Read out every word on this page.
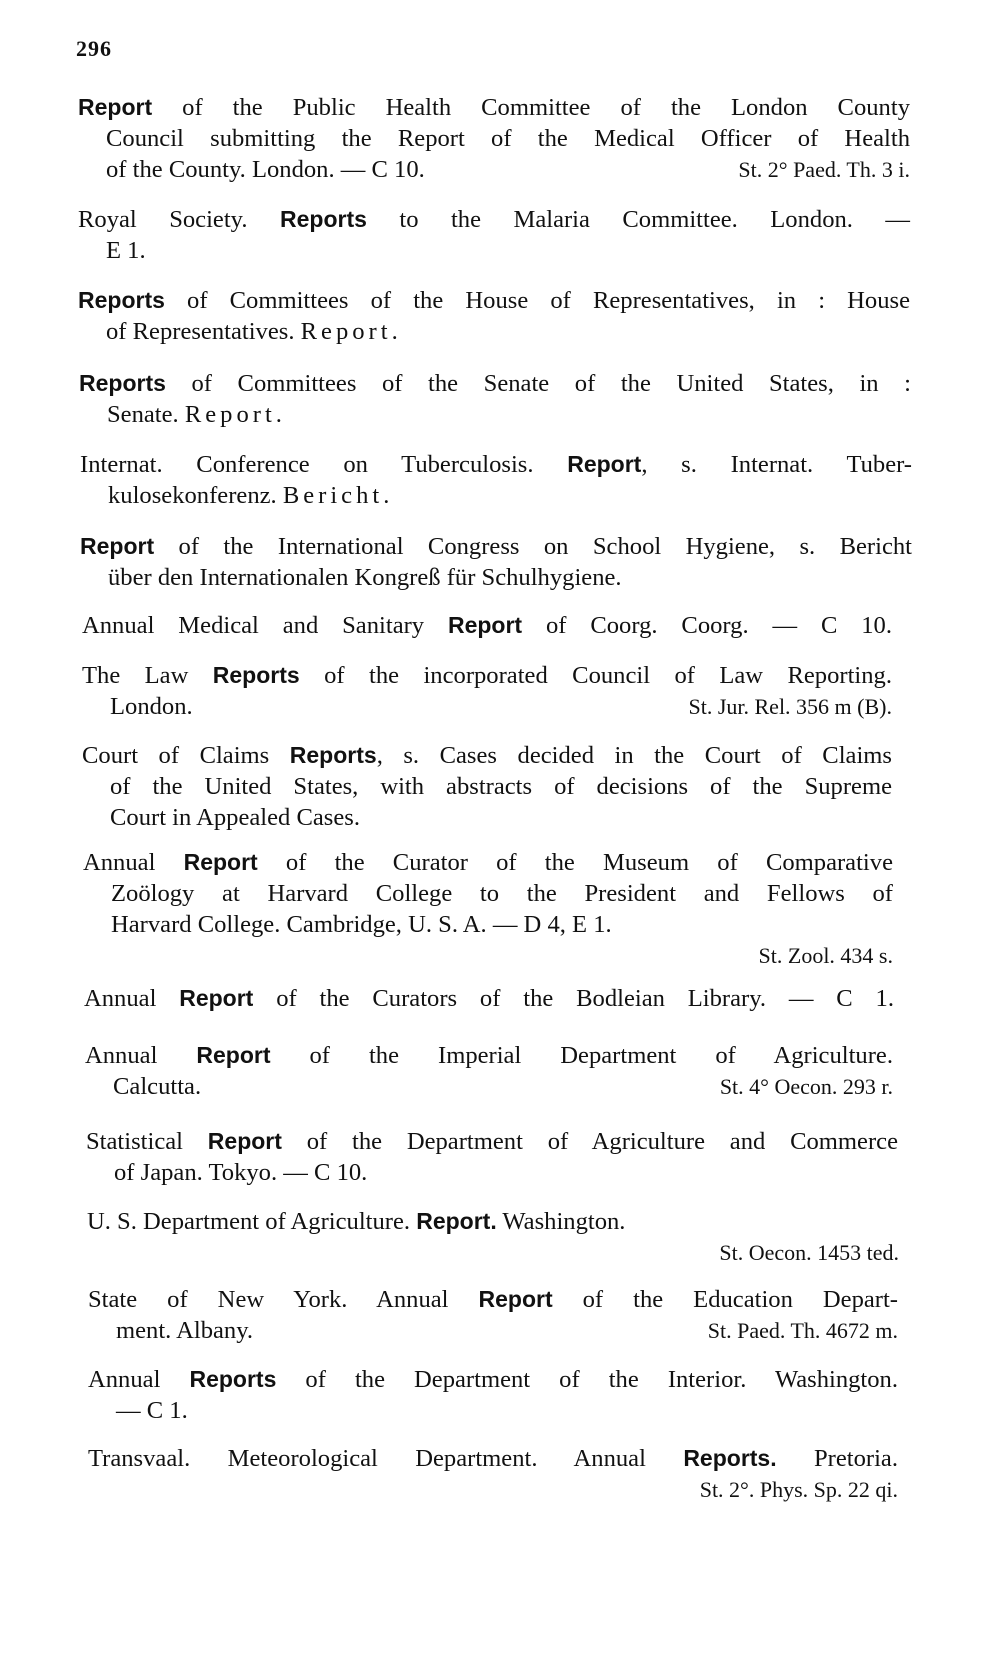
296
Report of the Public Health Committee of the London County
Council submitting the Report of the Medical Officer of Health
of the County. London. — C 10.	St. 2° Paed. Th. 3 i.
Royal Society. Reports to the Malaria Committee. London. —
E 1.
Reports of Committees of the House of Representatives, in : House
of Representatives. Report.
Reports of Committees of the Senate of the United States, in :
Senate. Report.
Internat. Conference on Tuberculosis. Report, s. Internat. Tuber-
kulosekonferenz. Bericht.
Report of the International Congress on School Hygiene, s. Bericht
über den Internationalen Kongreß für Schulhygiene.
Annual Medical and Sanitary Report of Coorg. Coorg. — C 10.
The Law Reports of the incorporated Council of Law Reporting.
London.	St. Jur. Rel. 356 m (B).
Court of Claims Reports, s. Cases decided in the Court of Claims
of the United States, with abstracts of decisions of the Supreme
Court in Appealed Cases.
Annual Report of the Curator of the Museum of Comparative
Zoölogy at Harvard College to the President and Fellows of
Harvard College. Cambridge, U. S. A. — D 4, E 1.
St. Zool. 434 s.
Annual Report of the Curators of the Bodleian Library. — C 1.
Annual Report of the Imperial Department of Agriculture.
Calcutta.	St. 4° Oecon. 293 r.
Statistical Report of the Department of Agriculture and Commerce
of Japan. Tokyo. — C 10.
U. S. Department of Agriculture. Report. Washington.
St. Oecon. 1453 ted.
State of New York. Annual Report of the Education Depart-
ment. Albany.	St. Paed. Th. 4672 m.
Annual Reports of the Department of the Interior. Washington.
— C 1.
Transvaal. Meteorological Department. Annual Reports. Pretoria.
St. 2°. Phys. Sp. 22 qi.
